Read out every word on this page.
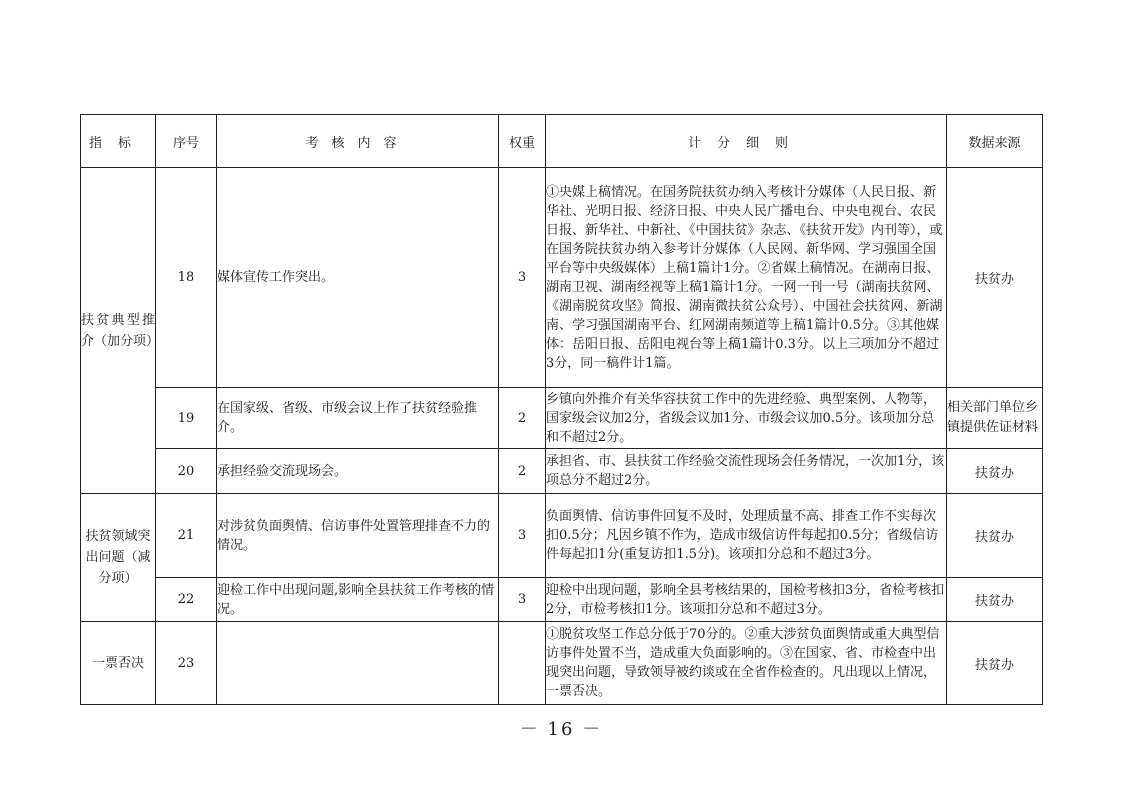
指标	序号	考核内容	权重	计分细则	数据来源
扶贫典型推介（加分项）	18	媒体宣传工作突出。	3	①央媒上稿情况。在国务院扶贫办纳入考核计分媒体（人民日报、新华社、光明日报、经济日报、中央人民广播电台、中央电视台、农民日报、新华社、中新社、《中国扶贫》杂志、《扶贫开发》内刊等），或在国务院扶贫办纳入参考计分媒体（人民网、新华网、学习强国全国平台等中央级媒体）上稿1篇计1分。②省媒上稿情况。在湖南日报、湖南卫视、湖南经视等上稿1篇计1分。一网一刊一号（湖南扶贫网、《湖南脱贫攻坚》简报、湖南微扶贫公众号）、中国社会扶贫网、新湖南、学习强国湖南平台、红网湖南频道等上稿1篇计0.5分。③其他媒体：岳阳日报、岳阳电视台等上稿1篇计0.3分。以上三项加分不超过3分，同一稿件计1篇。	扶贫办
	19	在国家级、省级、市级会议上作了扶贫经验推介。	2	乡镇向外推介有关华容扶贫工作中的先进经验、典型案例、人物等，国家级会议加2分，省级会议加1分、市级会议加0.5分。该项加分总和不超过2分。	相关部门单位乡镇提供佐证材料
	20	承担经验交流现场会。	2	承担省、市、县扶贫工作经验交流性现场会任务情况，一次加1分，该项总分不超过2分。	扶贫办
扶贫领域突出问题（减分项）	21	对涉贫负面舆情、信访事件处置管理排查不力的情况。	3	负面舆情、信访事件回复不及时，处理质量不高、排查工作不实每次扣0.5分；凡因乡镇不作为，造成市级信访件每起扣0.5分；省级信访件每起扣1分(重复访扣1.5分)。该项扣分总和不超过3分。	扶贫办
	22	迎检工作中出现问题,影响全县扶贫工作考核的情况。	3	迎检中出现问题，影响全县考核结果的，国检考核扣3分，省检考核扣2分，市检考核扣1分。该项扣分总和不超过3分。	扶贫办
一票否决	23			①脱贫攻坚工作总分低于70分的。②重大涉贫负面舆情或重大典型信访事件处置不当，造成重大负面影响的。③在国家、省、市检查中出现突出问题，导致领导被约谈或在全省作检查的。凡出现以上情况，一票否决。	扶贫办
－ 16 －
